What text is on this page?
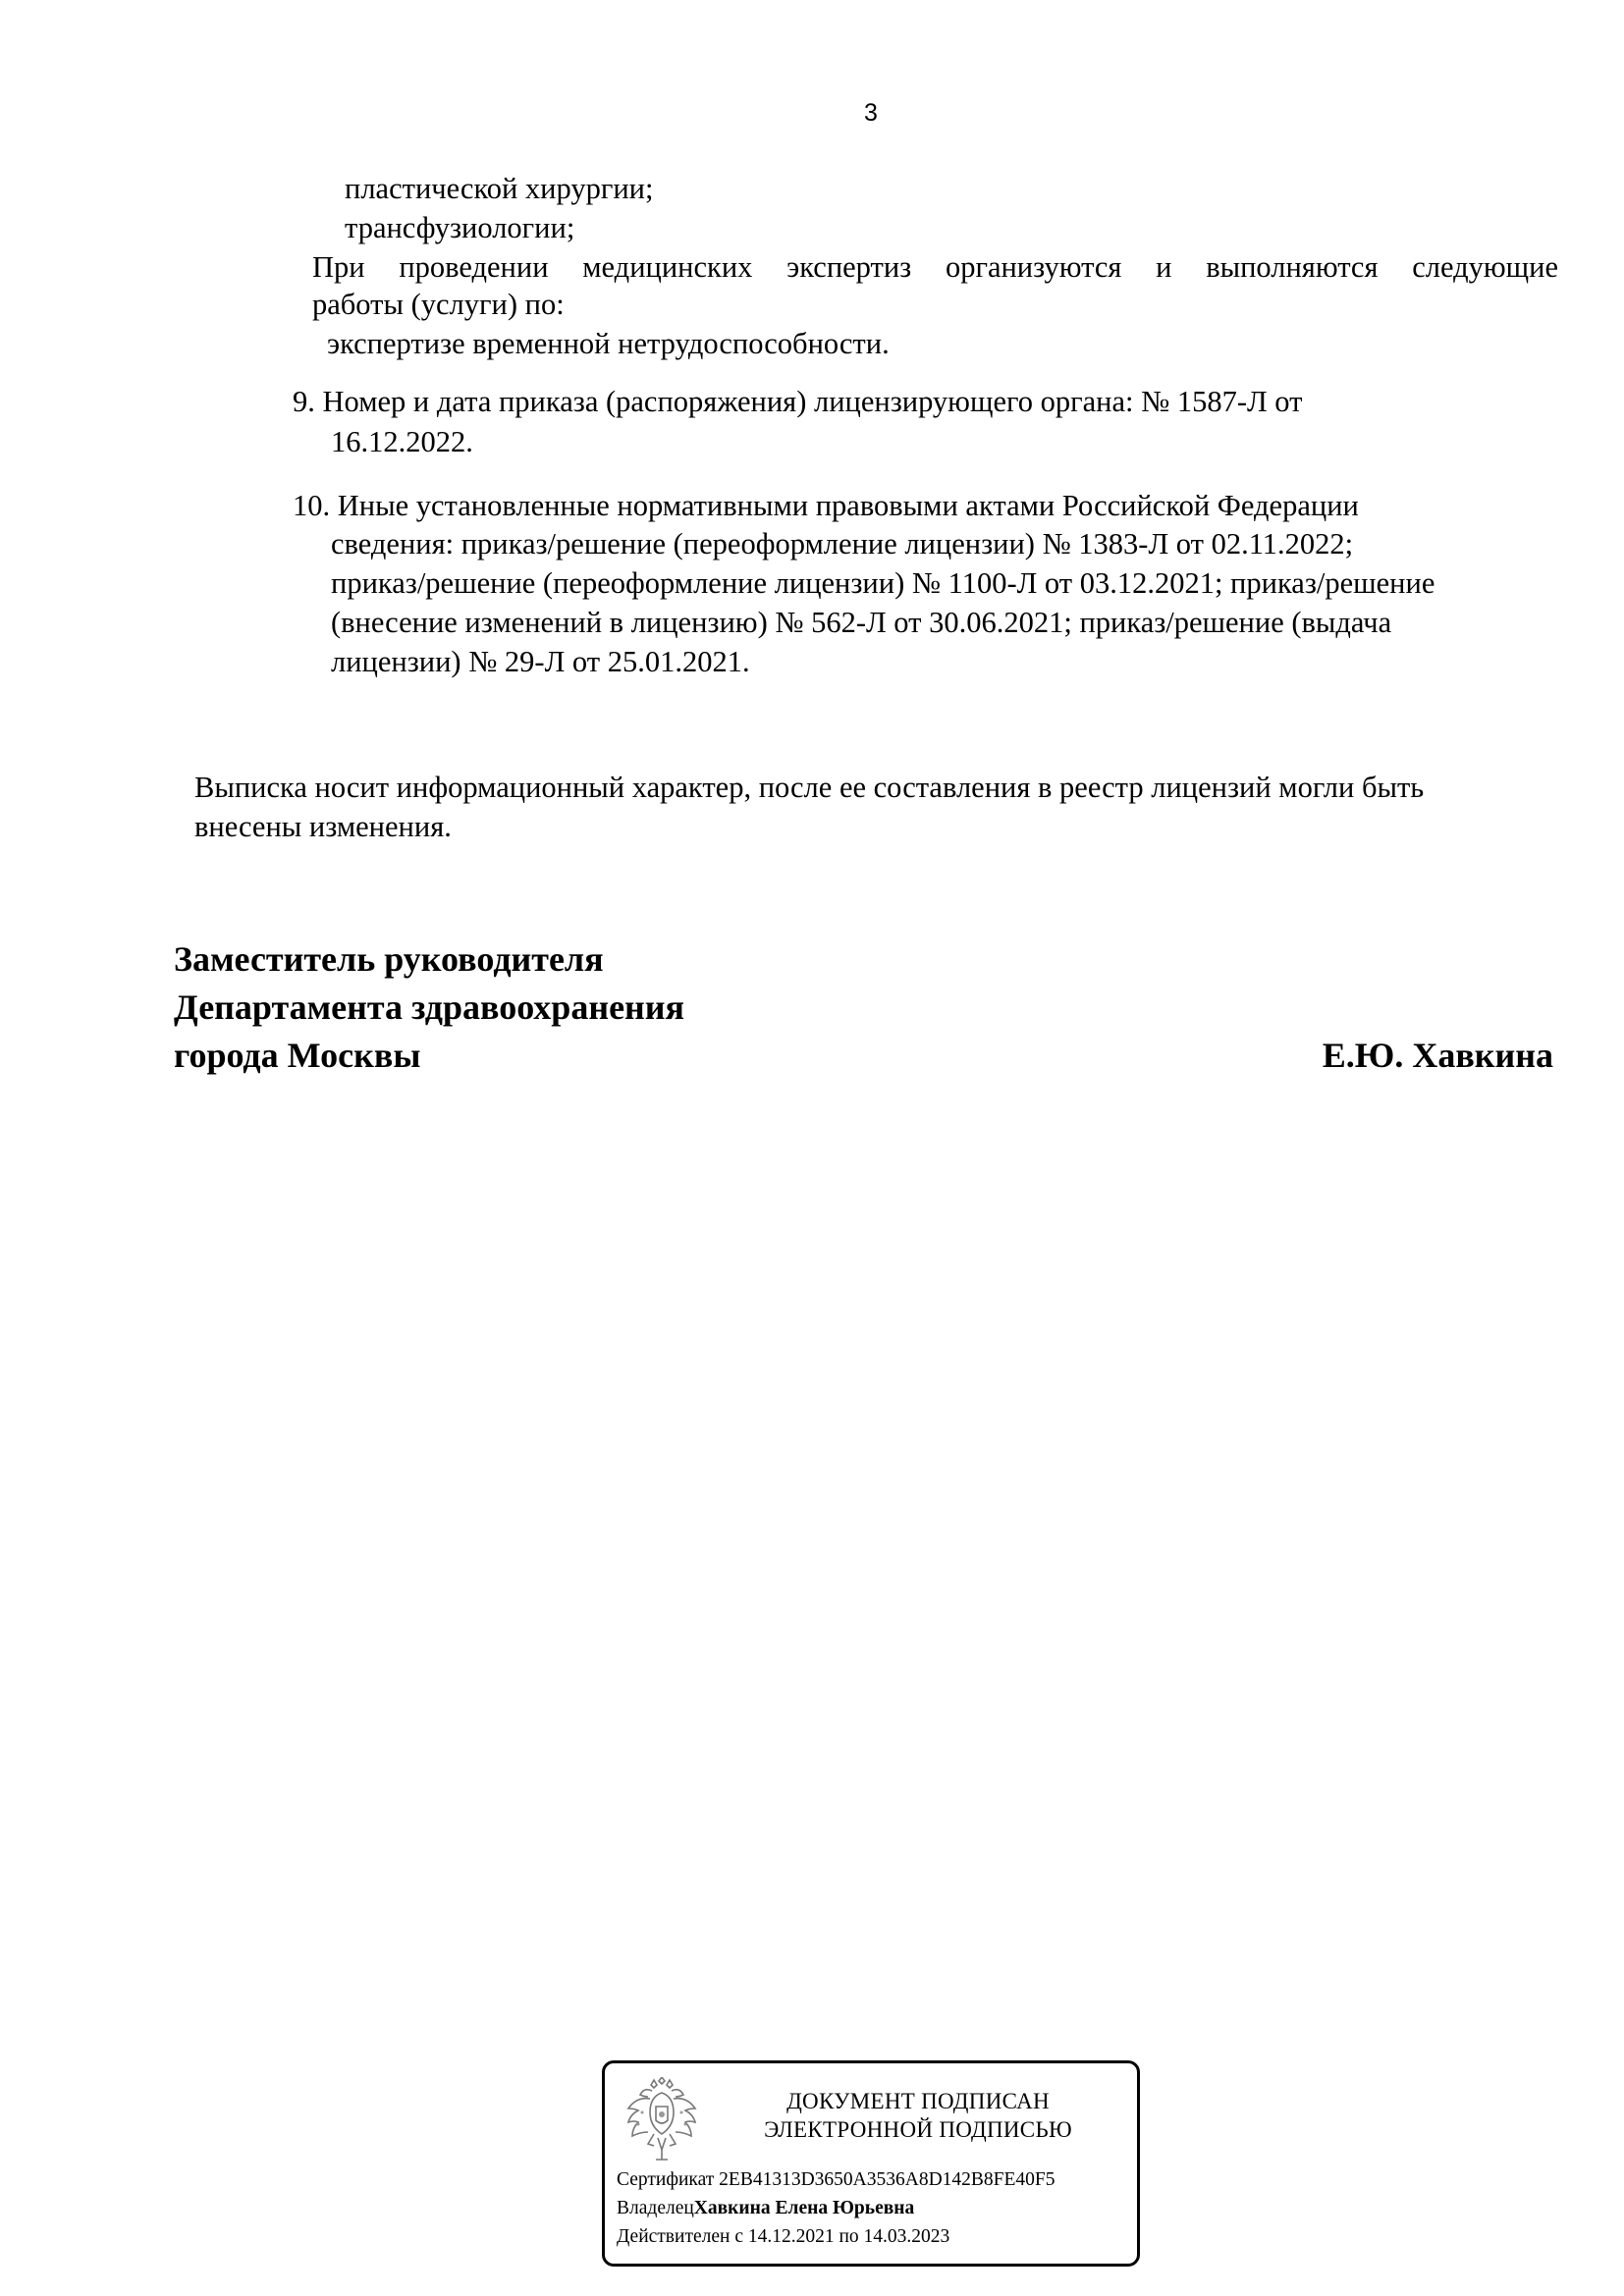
3
пластической хирургии;
трансфузиологии;
При проведении медицинских экспертиз организуются и выполняются следующие
работы (услуги) по:
экспертизе временной нетрудоспособности.
9. Номер и дата приказа (распоряжения) лицензирующего органа: № 1587-Л от
16.12.2022.
10. Иные установленные нормативными правовыми актами Российской Федерации
сведения: приказ/решение (переоформление лицензии) № 1383-Л от 02.11.2022;
приказ/решение (переоформление лицензии) № 1100-Л от 03.12.2021; приказ/решение
(внесение изменений в лицензию) № 562-Л от 30.06.2021; приказ/решение (выдача
лицензии) № 29-Л от 25.01.2021.
Выписка носит информационный характер, после ее составления в реестр лицензий могли быть
внесены изменения.
Заместитель руководителя
Департамента здравоохранения
города Москвы	Е.Ю. Хавкина
ДОКУМЕНТ ПОДПИСАН
ЭЛЕКТРОННОЙ ПОДПИСЬЮ
Сертификат 2EB41313D3650A3536A8D142B8FE40F5
ВладелецХавкина Елена Юрьевна
Действителен с 14.12.2021 по 14.03.2023
